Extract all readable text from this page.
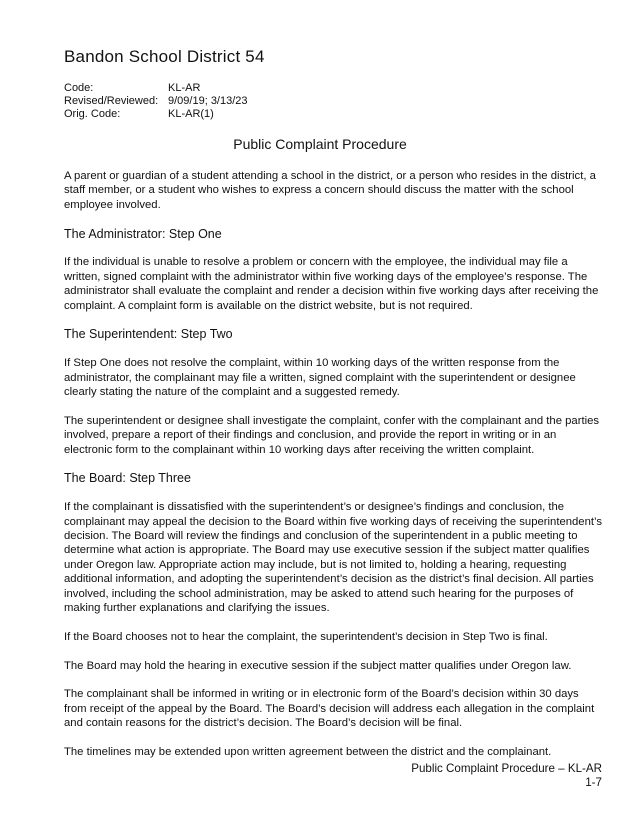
Bandon School District 54
Code:	KL-AR
Revised/Reviewed: 9/09/19; 3/13/23
Orig. Code:	KL-AR(1)
Public Complaint Procedure

A parent or guardian of a student attending a school in the district, or a person who resides in the district, a staff member, or a student who wishes to express a concern should discuss the matter with the school employee involved.

The Administrator: Step One

If the individual is unable to resolve a problem or concern with the employee, the individual may file a written, signed complaint with the administrator within five working days of the employee’s response. The administrator shall evaluate the complaint and render a decision within five working days after receiving the complaint. A complaint form is available on the district website, but is not required.

The Superintendent: Step Two

If Step One does not resolve the complaint, within 10 working days of the written response from the administrator, the complainant may file a written, signed complaint with the superintendent or designee clearly stating the nature of the complaint and a suggested remedy.

The superintendent or designee shall investigate the complaint, confer with the complainant and the parties involved, prepare a report of their findings and conclusion, and provide the report in writing or in an electronic form to the complainant within 10 working days after receiving the written complaint.

The Board: Step Three

If the complainant is dissatisfied with the superintendent’s or designee’s findings and conclusion, the complainant may appeal the decision to the Board within five working days of receiving the superintendent’s decision. The Board will review the findings and conclusion of the superintendent in a public meeting to determine what action is appropriate. The Board may use executive session if the subject matter qualifies under Oregon law. Appropriate action may include, but is not limited to, holding a hearing, requesting additional information, and adopting the superintendent’s decision as the district’s final decision. All parties involved, including the school administration, may be asked to attend such hearing for the purposes of making further explanations and clarifying the issues.

If the Board chooses not to hear the complaint, the superintendent’s decision in Step Two is final.

The Board may hold the hearing in executive session if the subject matter qualifies under Oregon law.

The complainant shall be informed in writing or in electronic form of the Board’s decision within 30 days from receipt of the appeal by the Board. The Board’s decision will address each allegation in the complaint and contain reasons for the district’s decision. The Board’s decision will be final.

The timelines may be extended upon written agreement between the district and the complainant.

Public Complaint Procedure – KL-AR
1-7
